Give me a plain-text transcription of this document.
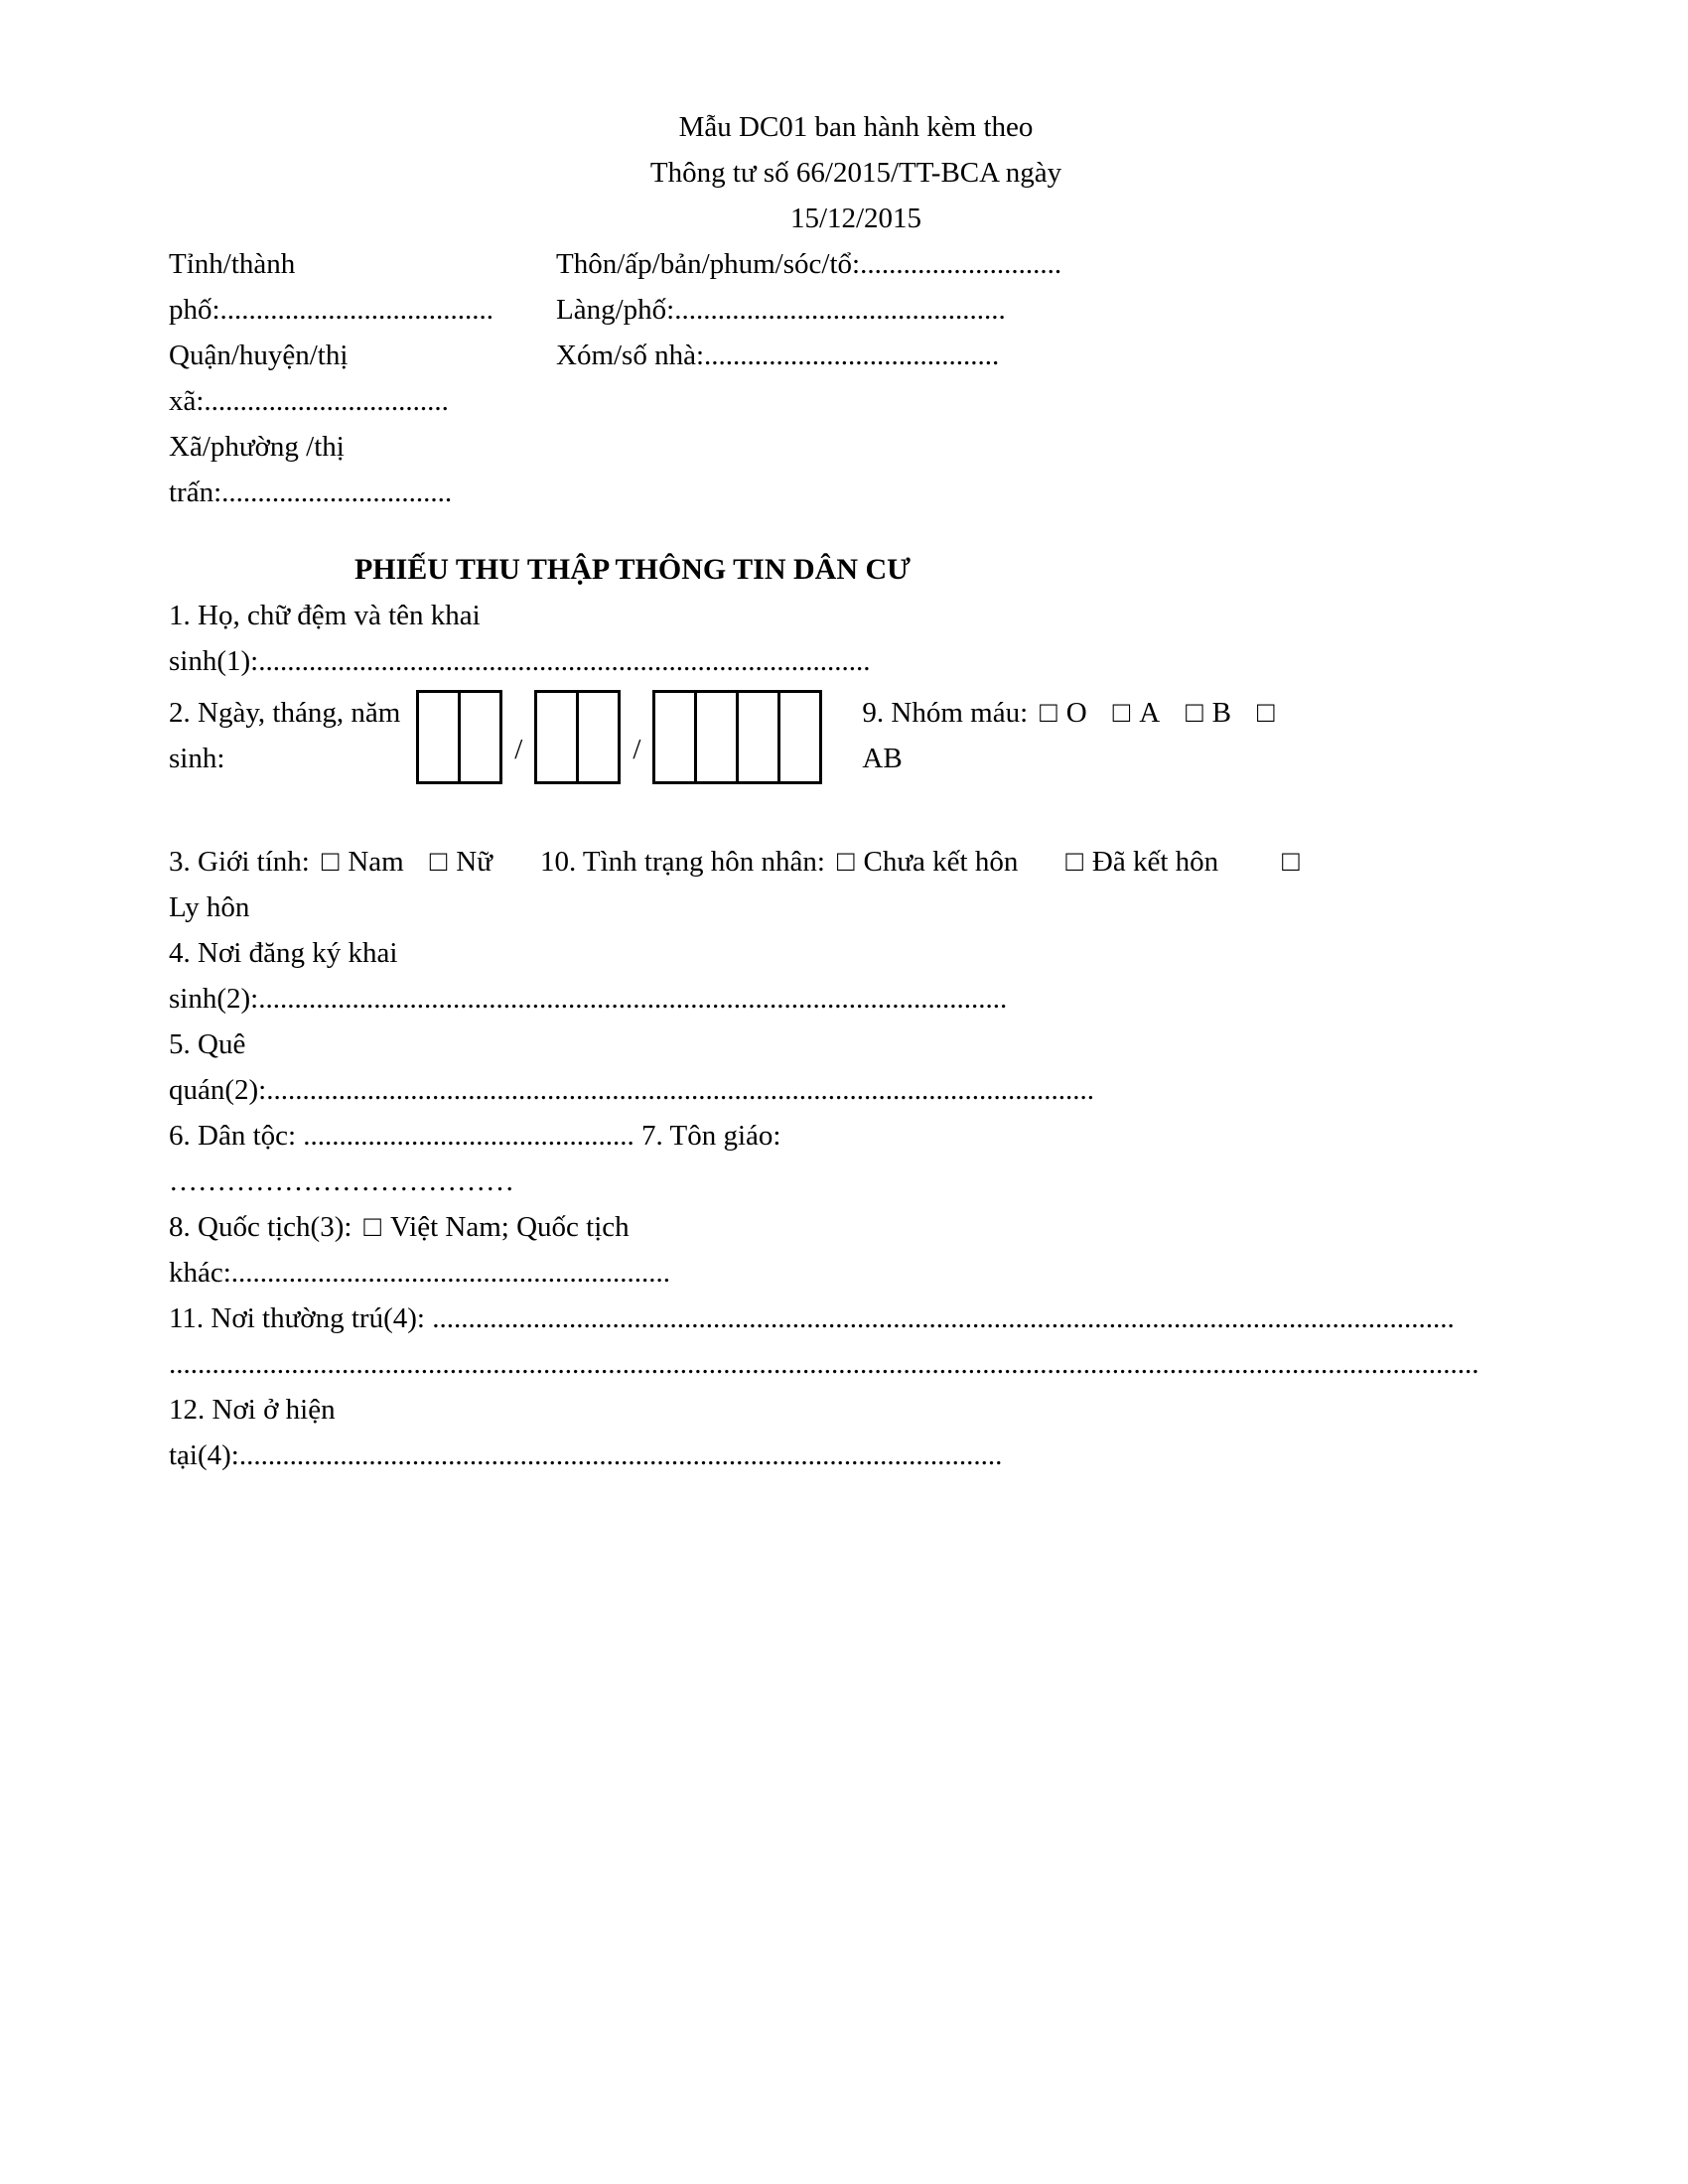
Mẫu DC01 ban hành kèm theo
Thông tư số 66/2015/TT-BCA ngày
15/12/2015
Tỉnh/thành
phố:......................................
Quận/huyện/thị
xã:..................................
Xã/phường /thị
trấn:................................
Thôn/ấp/bản/phum/sóc/tổ:............................
Làng/phố:..............................................
Xóm/số nhà:.........................................
PHIẾU THU THẬP THÔNG TIN DÂN CƯ
1. Họ, chữ đệm và tên khai
sinh(1):.....................................................................................
2. Ngày, tháng, năm
sinh:	/	/
9. Nhóm máu: □ O □ A □ B □
AB
3. Giới tính: □ Nam □ Nữ 10. Tình trạng hôn nhân: □ Chưa kết hôn □ Đã kết hôn □
Ly hôn
4. Nơi đăng ký khai
sinh(2):........................................................................................................
5. Quê
quán(2):...................................................................................................................
6. Dân tộc: .............................................. 7. Tôn giáo:
………………………………
8. Quốc tịch(3): □ Việt Nam; Quốc tịch
khác:.............................................................
11. Nơi thường trú(4): ..............................................................................................................................................
......................................................................................................................................................................................
12. Nơi ở hiện
tại(4):..........................................................................................................
